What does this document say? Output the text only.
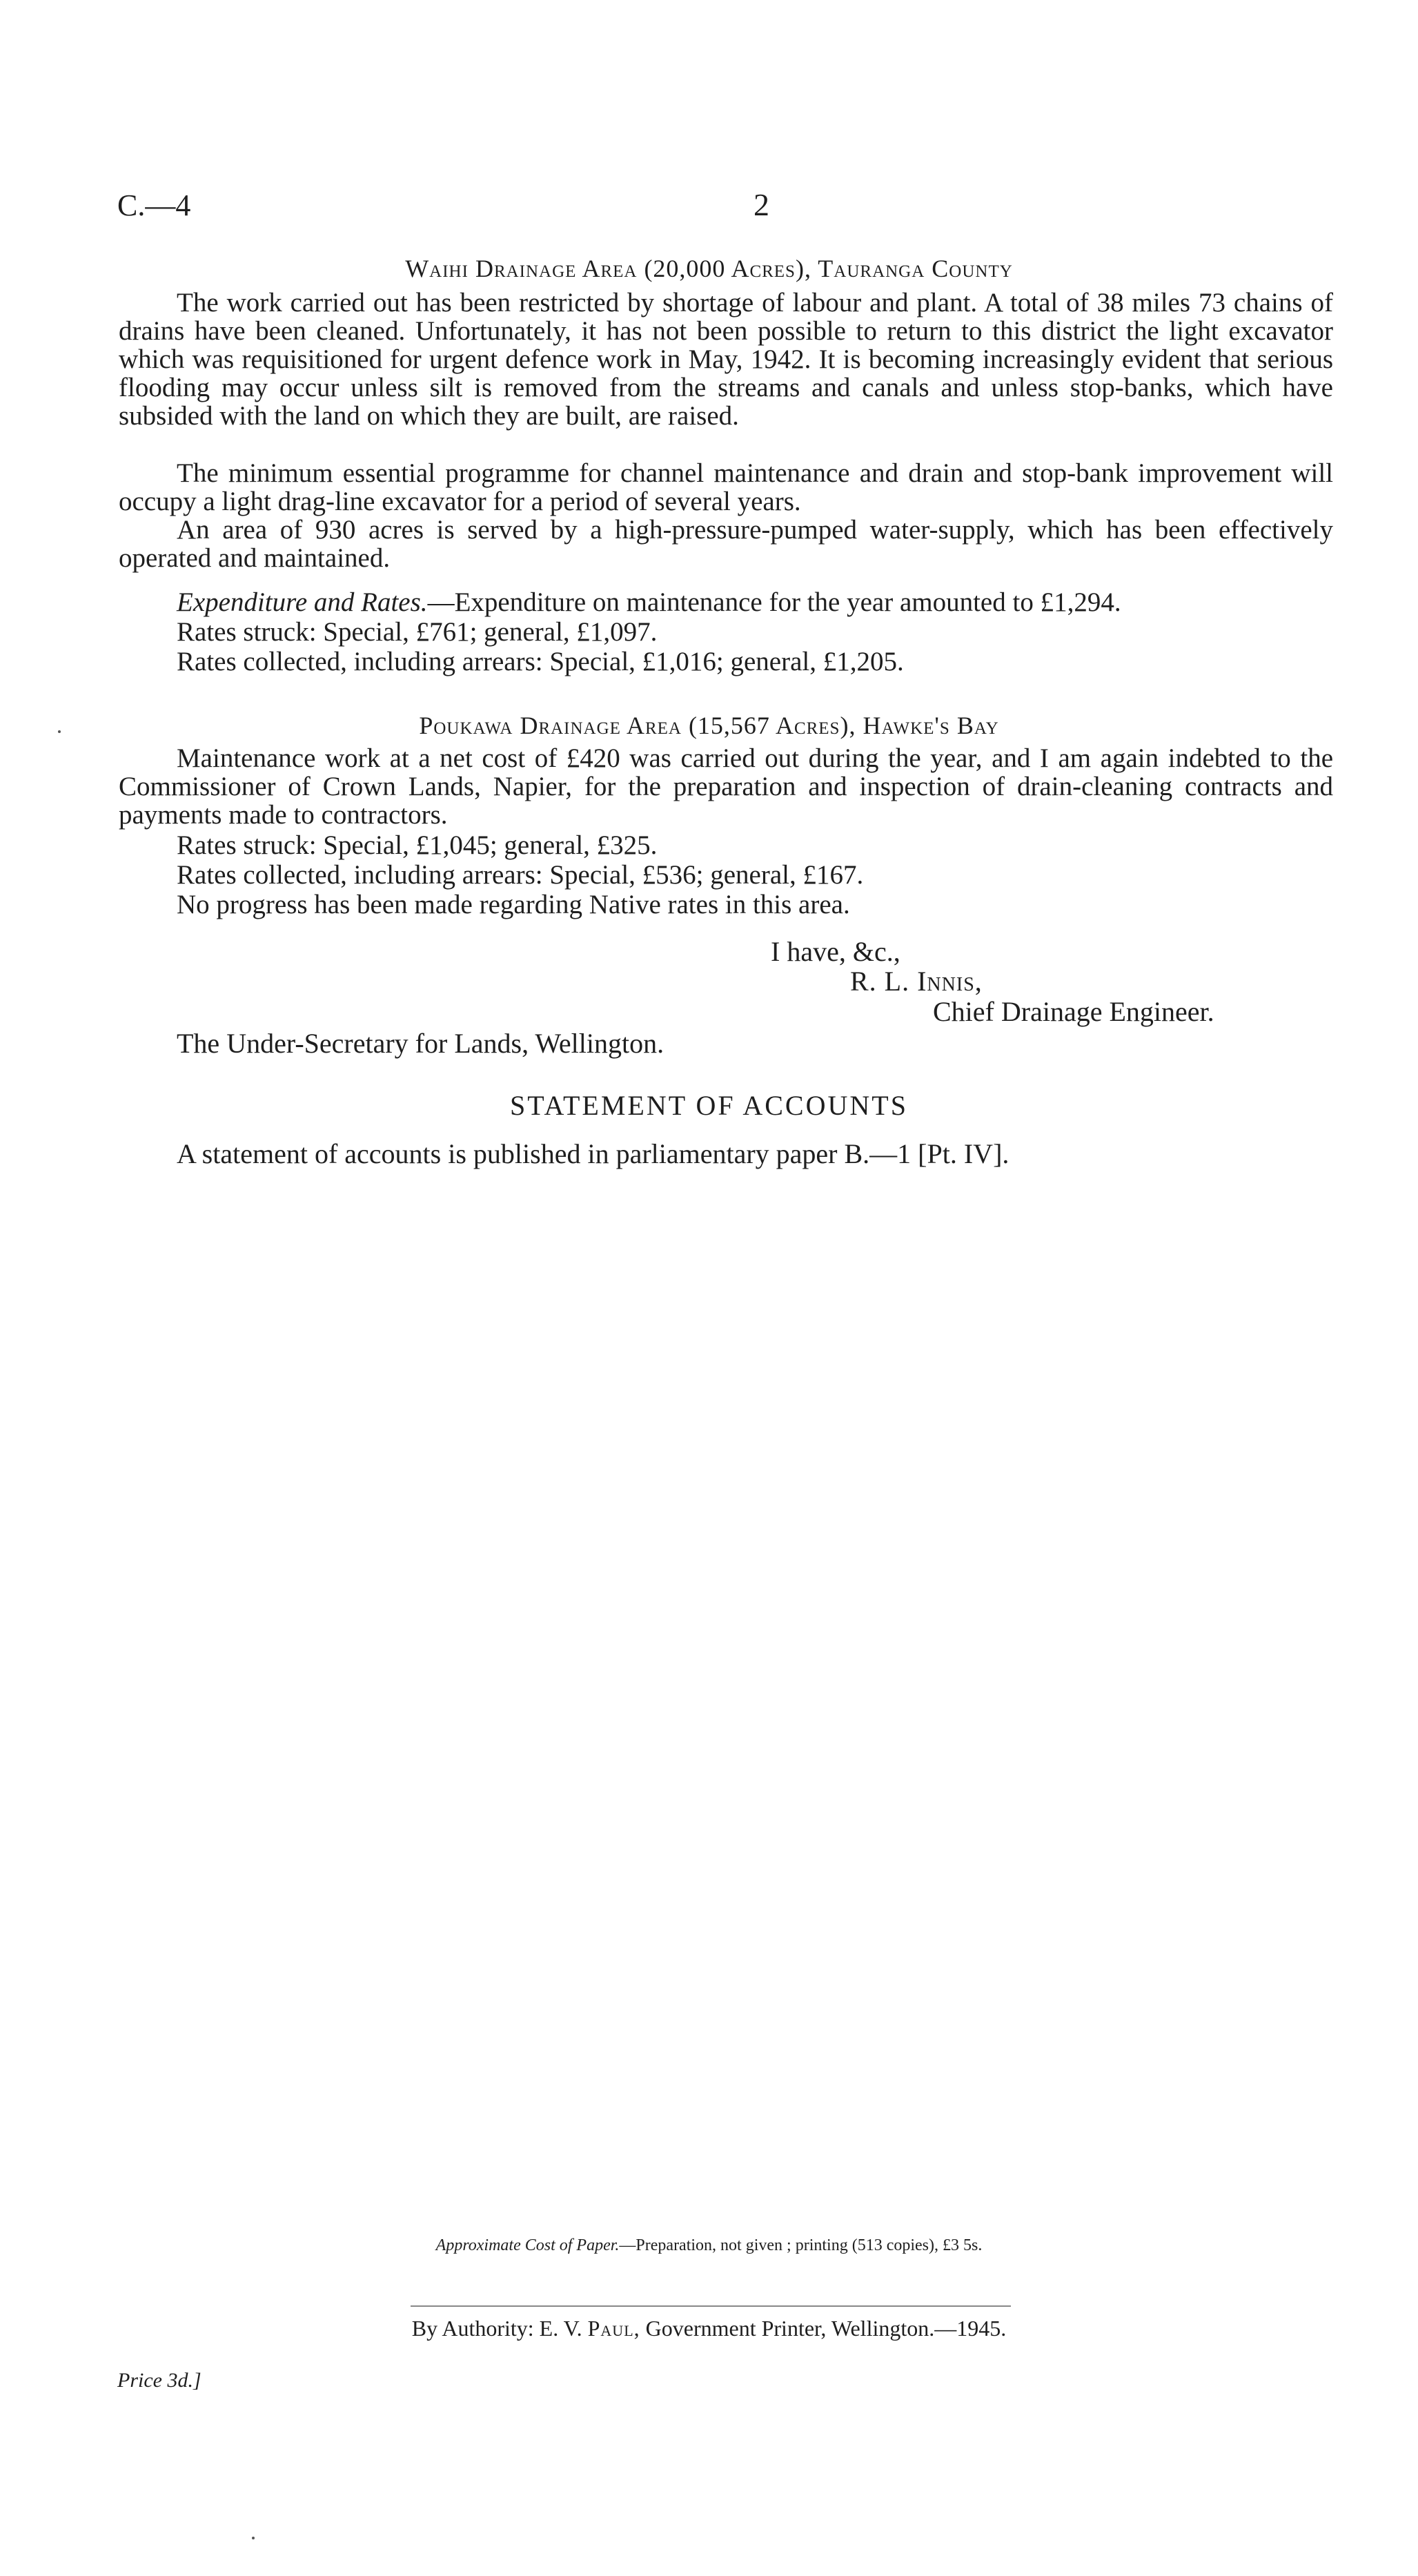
C.—4	2
Waihi Drainage Area (20,000 Acres), Tauranga County
The work carried out has been restricted by shortage of labour and plant. A total of 38 miles 73 chains of drains have been cleaned. Unfortunately, it has not been possible to return to this district the light excavator which was requisitioned for urgent defence work in May, 1942. It is becoming increasingly evident that serious flooding may occur unless silt is removed from the streams and canals and unless stop-banks, which have subsided with the land on which they are built, are raised.
The minimum essential programme for channel maintenance and drain and stop-bank improvement will occupy a light drag-line excavator for a period of several years.
An area of 930 acres is served by a high-pressure-pumped water-supply, which has been effectively operated and maintained.
Expenditure and Rates.—Expenditure on maintenance for the year amounted to £1,294.
Rates struck: Special, £761; general, £1,097.
Rates collected, including arrears: Special, £1,016; general, £1,205.
Poukawa Drainage Area (15,567 Acres), Hawke's Bay
Maintenance work at a net cost of £420 was carried out during the year, and I am again indebted to the Commissioner of Crown Lands, Napier, for the preparation and inspection of drain-cleaning contracts and payments made to contractors.
Rates struck: Special, £1,045; general, £325.
Rates collected, including arrears: Special, £536; general, £167.
No progress has been made regarding Native rates in this area.
I have, &c.,
R. L. Innis,
Chief Drainage Engineer.
The Under-Secretary for Lands, Wellington.
STATEMENT OF ACCOUNTS
A statement of accounts is published in parliamentary paper B.—1 [Pt. IV].
Approximate Cost of Paper.—Preparation, not given ; printing (513 copies), £3 5s.
By Authority: E. V. Paul, Government Printer, Wellington.—1945.
Price 3d.]
